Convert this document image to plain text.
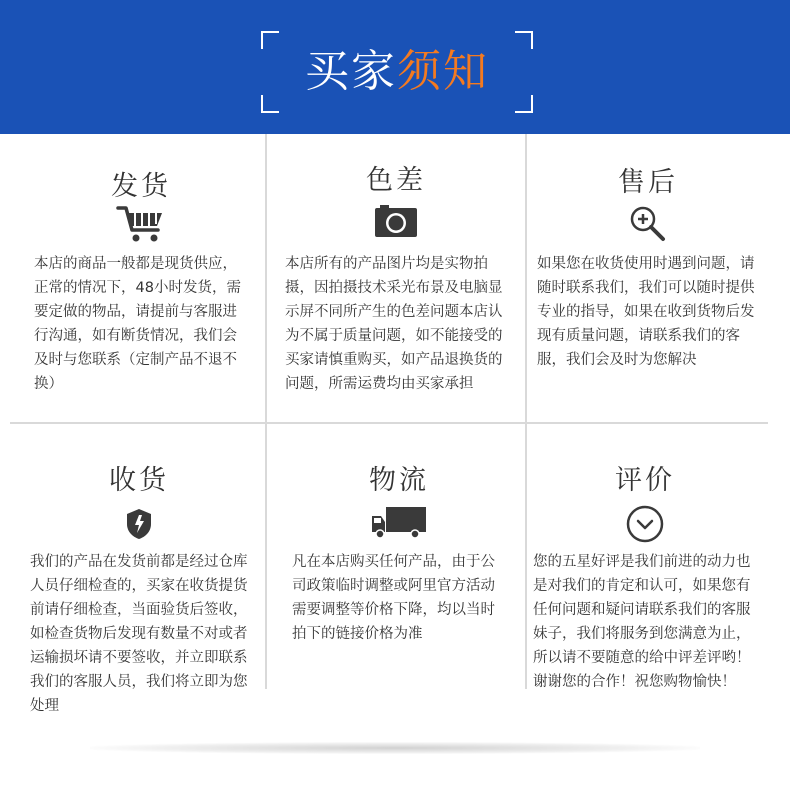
买家须知
发货
本店的商品一般都是现货供应，正常的情况下，48小时发货，需要定做的物品，请提前与客服进行沟通，如有断货情况，我们会及时与您联系（定制产品不退不换）
色差
本店所有的产品图片均是实物拍摄，因拍摄技术采光布景及电脑显示屏不同所产生的色差问题本店认为不属于质量问题，如不能接受的买家请慎重购买，如产品退换货的问题，所需运费均由买家承担
售后
如果您在收货使用时遇到问题，请随时联系我们，我们可以随时提供专业的指导，如果在收到货物后发现有质量问题，请联系我们的客服，我们会及时为您解决
收货
我们的产品在发货前都是经过仓库人员仔细检查的，买家在收货提货前请仔细检查，当面验货后签收，如检查货物后发现有数量不对或者运输损坏请不要签收，并立即联系我们的客服人员，我们将立即为您处理
物流
凡在本店购买任何产品，由于公司政策临时调整或阿里官方活动需要调整等价格下降，均以当时拍下的链接价格为准
评价
您的五星好评是我们前进的动力也是对我们的肯定和认可，如果您有任何问题和疑问请联系我们的客服妹子，我们将服务到您满意为止，所以请不要随意的给中评差评哟！谢谢您的合作！祝您购物愉快！
